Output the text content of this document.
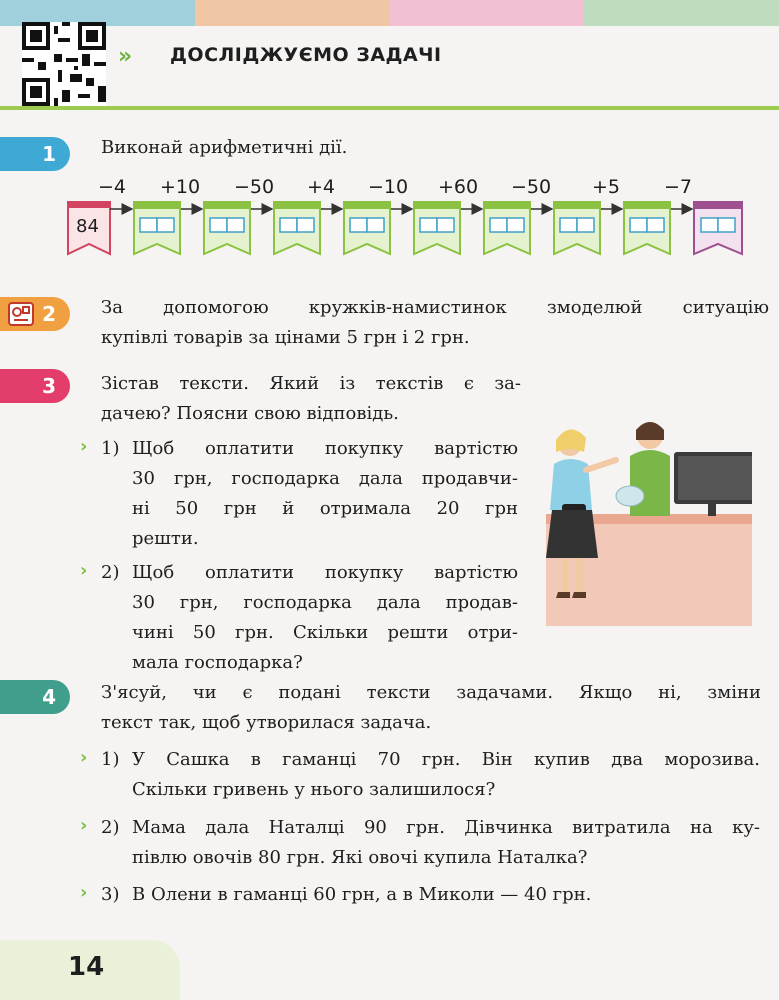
›› ДОСЛІДЖУЄМО ЗАДАЧІ
1	Виконай арифметичні дії.
−4 +10 −50 +4 −10 +60 −50 +5 −7
84
2	За допомогою кружків-намистинок змоделюй ситуацію
купівлі товарів за цінами 5 грн і 2 грн.
3	Зістав тексти. Який із текстів є за-
дачею? Поясни свою відповідь.
› 1) Щоб оплатити покупку вартістю
30 грн, господарка дала продавчи-
ні 50 грн й отримала 20 грн
решти.
› 2) Щоб оплатити покупку вартістю
30 грн, господарка дала продав-
чині 50 грн. Скільки решти отри-
мала господарка?
4	З'ясуй, чи є подані тексти задачами. Якщо ні, зміни
текст так, щоб утворилася задача.
› 1) У Сашка в гаманці 70 грн. Він купив два морозива.
Скільки гривень у нього залишилося?
› 2) Мама дала Наталці 90 грн. Дівчинка витратила на ку-
півлю овочів 80 грн. Які овочі купила Наталка?
› 3) В Олени в гаманці 60 грн, а в Миколи — 40 грн.
14
